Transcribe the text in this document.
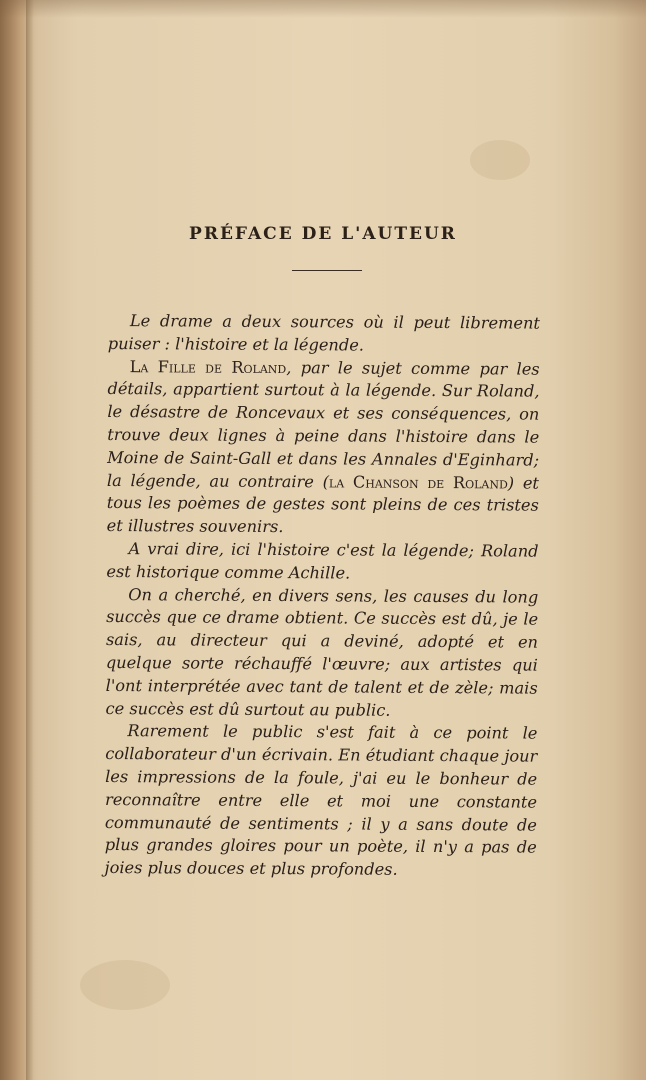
PRÉFACE DE L'AUTEUR

Le drame a deux sources où il peut librement puiser : l'histoire et la légende.

La Fille de Roland, par le sujet comme par les détails, appartient surtout à la légende. Sur Roland, le désastre de Roncevaux et ses conséquences, on trouve deux lignes à peine dans l'histoire dans le Moine de Saint-Gall et dans les Annales d'Eginhard; la légende, au contraire (la Chanson de Roland) et tous les poèmes de gestes sont pleins de ces tristes et illustres souvenirs.

A vrai dire, ici l'histoire c'est la légende; Roland est historique comme Achille.

On a cherché, en divers sens, les causes du long succès que ce drame obtient. Ce succès est dû, je le sais, au directeur qui a deviné, adopté et en quelque sorte réchauffé l'œuvre; aux artistes qui l'ont interprétée avec tant de talent et de zèle; mais ce succès est dû surtout au public.

Rarement le public s'est fait à ce point le collaborateur d'un écrivain. En étudiant chaque jour les impressions de la foule, j'ai eu le bonheur de reconnaître entre elle et moi une constante communauté de sentiments ; il y a sans doute de plus grandes gloires pour un poète, il n'y a pas de joies plus douces et plus profondes.
